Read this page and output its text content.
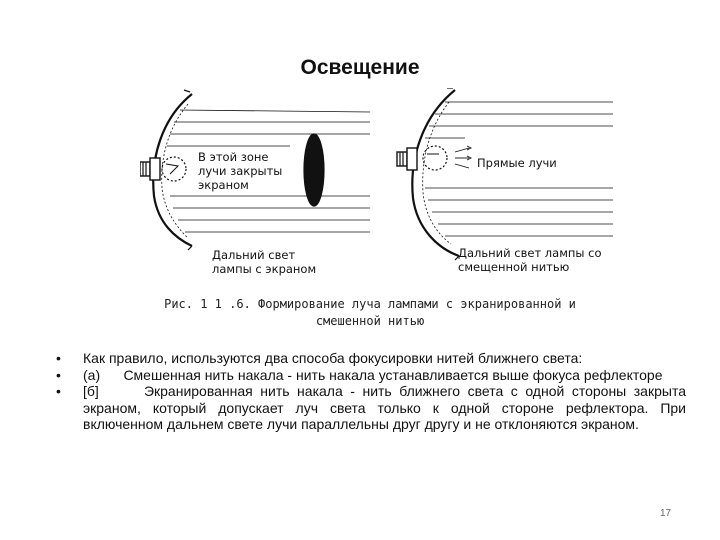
Освещение
В этой зоне
лучи закрыты
экраном
Дальний свет
лампы с экраном
Прямые лучи
Дальний свет лампы со
смещенной нитью
Рис. 1 1 .6. Формирование луча лампами с экранированной и
смешенной нитью
• Как правило, используются два способа фокусировки нитей ближнего света:
• (а)      Смешенная нить накала - нить накала устанавливается выше фокуса рефлекторе
• [б]      Экранированная нить накала - нить ближнего света с одной стороны закрыта экраном, который допускает луч света только к одной стороне рефлектора. При включенном дальнем свете лучи параллельны друг другу и не отклоняются экраном.
17
